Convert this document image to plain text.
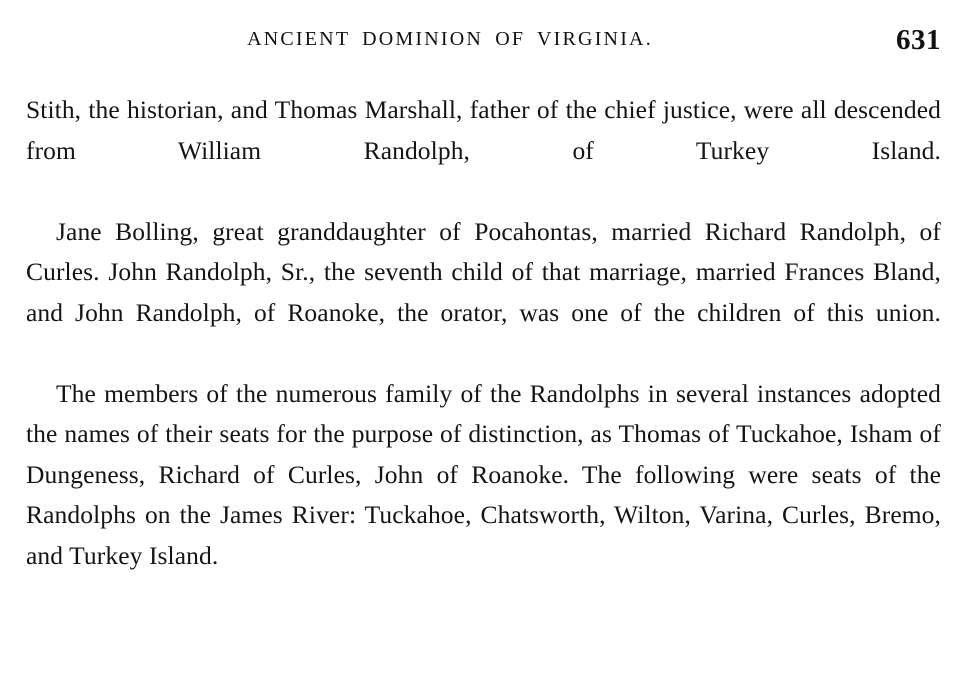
ANCIENT DOMINION OF VIRGINIA.	631

Stith, the historian, and Thomas Marshall, father of the chief justice, were all descended from William Randolph, of Turkey Island.

Jane Bolling, great granddaughter of Pocahontas, married Richard Randolph, of Curles. John Randolph, Sr., the seventh child of that marriage, married Frances Bland, and John Randolph, of Roanoke, the orator, was one of the children of this union.

The members of the numerous family of the Randolphs in several instances adopted the names of their seats for the purpose of distinction, as Thomas of Tuckahoe, Isham of Dungeness, Richard of Curles, John of Roanoke. The following were seats of the Randolphs on the James River: Tuckahoe, Chatsworth, Wilton, Varina, Curles, Bremo, and Turkey Island.
